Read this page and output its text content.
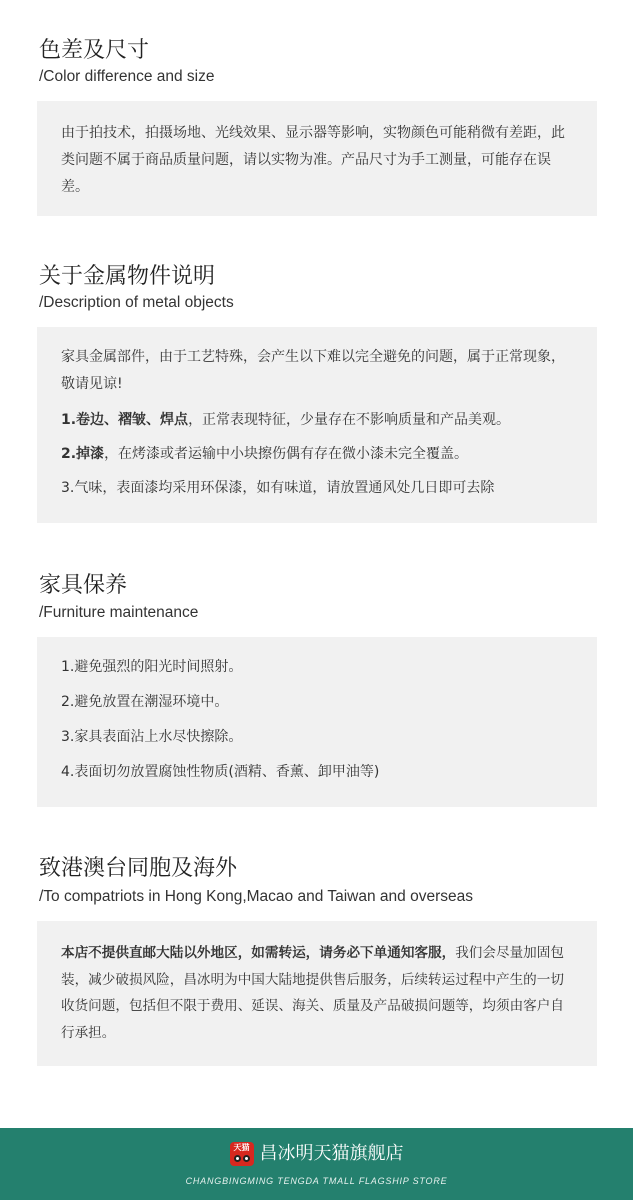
色差及尺寸
/Color difference and size

由于拍技术，拍摄场地、光线效果、显示器等影响，实物颜色可能稍微有差距，此类问题不属于商品质量问题，请以实物为准。产品尺寸为手工测量，可能存在误差。

关于金属物件说明
/Description of metal objects

家具金属部件，由于工艺特殊，会产生以下难以完全避免的问题，属于正常现象，敬请见谅!

1.卷边、褶皱、焊点，正常表现特征，少量存在不影响质量和产品美观。

2.掉漆，在烤漆或者运输中小块擦伤偶有存在微小漆未完全覆盖。

3.气味，表面漆均采用环保漆，如有味道，请放置通风处几日即可去除

家具保养
/Furniture maintenance

1.避免强烈的阳光时间照射。

2.避免放置在潮湿环境中。

3.家具表面沾上水尽快擦除。

4.表面切勿放置腐蚀性物质(酒精、香薰、卸甲油等)

致港澳台同胞及海外
/To compatriots in Hong Kong,Macao and Taiwan and overseas

本店不提供直邮大陆以外地区，如需转运，请务必下单通知客服，我们会尽量加固包装，减少破损风险，昌冰明为中国大陆地提供售后服务，后续转运过程中产生的一切收货问题，包括但不限于费用、延误、海关、质量及产品破损问题等，均须由客户自行承担。

天猫 昌冰明天猫旗舰店
CHANGBINGMING TENGDA TMALL FLAGSHIP STORE
